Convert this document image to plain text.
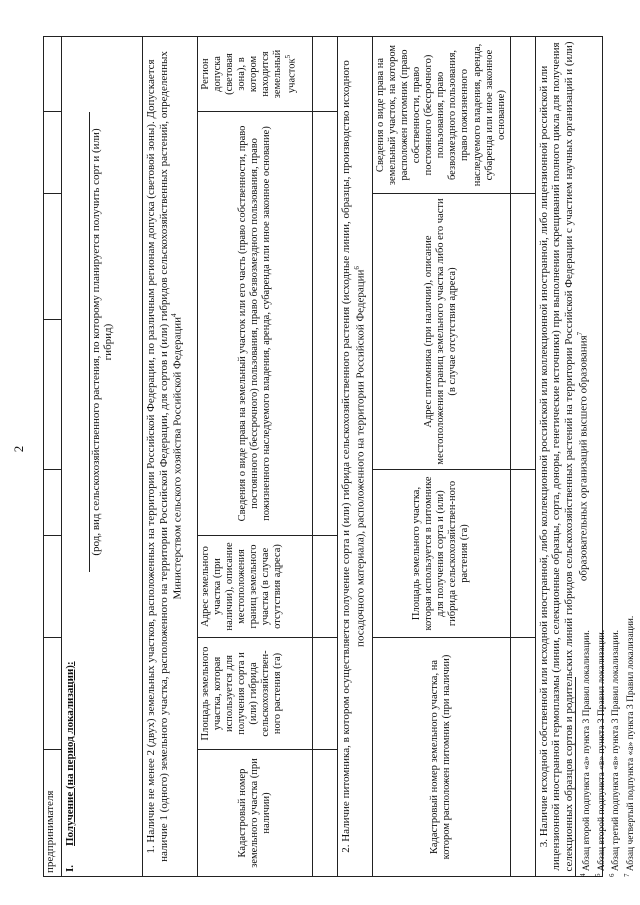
2
предпринимателя							

I.
Получение (на период локализации):
(род, вид сельскохозяйственного растения, по которому планируется получить сорт и (или) гибрид)							

1. Наличие не менее 2 (двух) земельных участков, расположенных на территории Российской Федерации, по различным регионам допуска (световой зоны). Допускается наличие 1 (одного) земельного участка, расположенного на территории Российской Федерации, для сортов и (или) гибридов сельскохозяйственных растений, определенных Министерством сельского хозяйства Российской Федерации$^4$
Кадастровый номер земельного участка (при наличии)	Площадь земельного участка, которая используется для получения сорта и (или) гибрида сельскохозяйствен-ного растения (га)	Адрес земельного участка (при наличии), описание местоположения границ земельного участка (в случае отсутствия адреса)	Сведения о виде права на земельный участок или его часть (право собственности, право постоянного (бессрочного) пользования, право безвозмездного пользования, право пожизненного наследуемого владения, аренда, субаренда или иное законное основание)				Регион допуска (световая зона), в котором находится земельный участок$^5$

2. Наличие питомника, в котором осуществляется получение сорта и (или) гибрида сельскохозяйственного растения (исходные линии, образцы, производство исходного посадочного материала), расположенного на территории Российской Федерации$^6$
Кадастровый номер земельного участка, на котором расположен питомник (при наличии)		Площадь земельного участка, которая используется в питомнике для получения сорта и (или) гибрида сельскохозяйствен-ного растения (га)		Адрес питомника (при наличии), описание местоположения границ земельного участка либо его части (в случае отсутствия адреса)		Сведения о виде права на земельный участок, на котором расположен питомник (право собственности, право постоянного (бессрочного) пользования, право безвозмездного пользования, право пожизненного наследуемого владения, аренда, субаренда или иное законное основание)	

3. Наличие исходной собственной или исходной иностранной, либо коллекционной российской или коллекционной иностранной, либо лицензионной российской или лицензионной иностранной гермоплазмы (линии, селекционные образцы, сорта, доноры, генетические источники) при выполнении скрещиваний полного цикла для получения селекционных образцов сортов и родительских линий гибридов сельскохозяйственных растений на территории Российской Федерации с участием научных организаций и (или) образовательных организаций высшего образования$^7$
$^4$ Абзац второй подпункта «а» пункта 3 Правил локализации.
$^5$ Абзац второй подпункта «в» пункта 3 Правил локализации.
$^6$ Абзац третий подпункта «в» пункта 3 Правил локализации.
$^7$ Абзац четвертый подпункта «а» пункта 3 Правил локализации.
